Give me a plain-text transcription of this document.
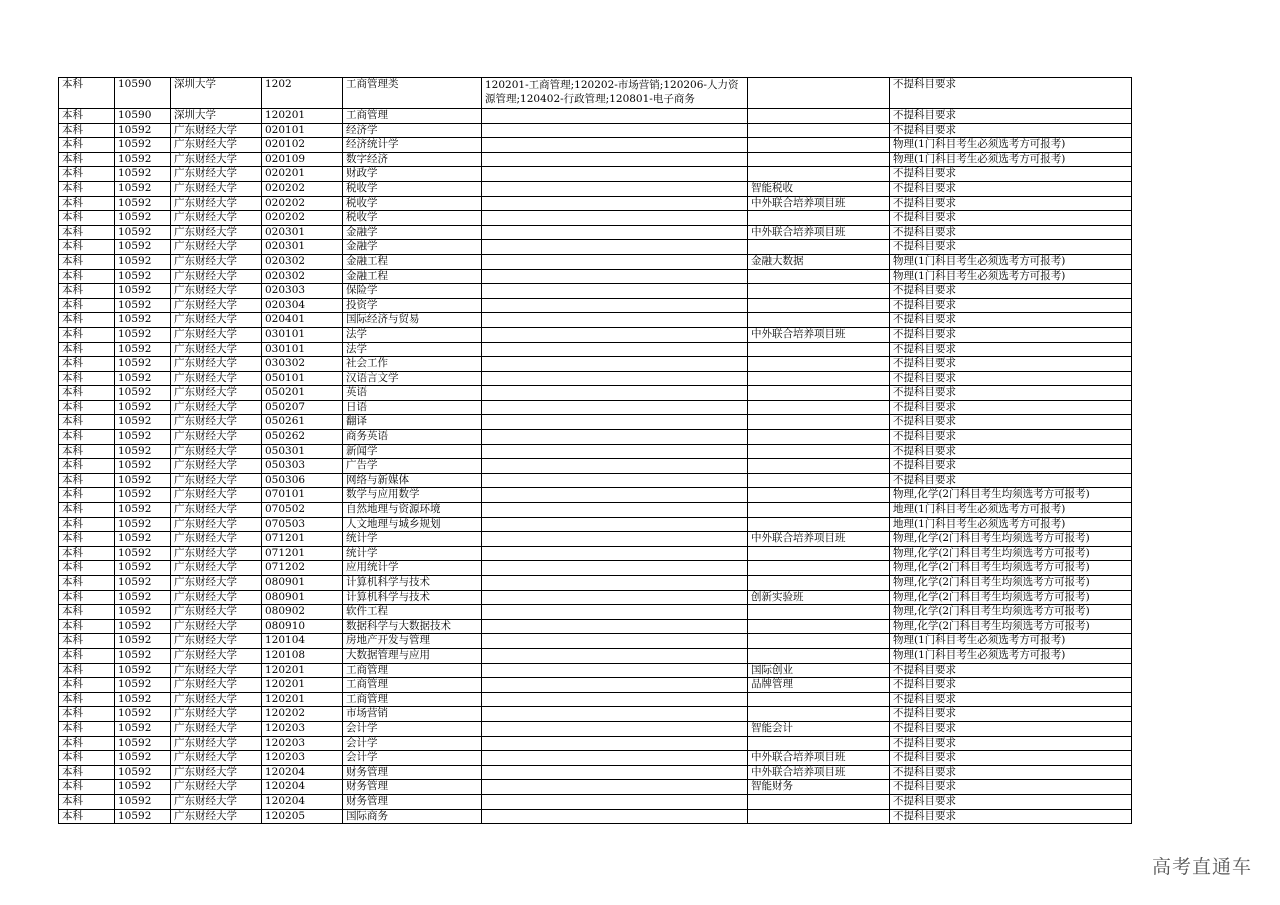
本科	10590	深圳大学	1202	工商管理类	120201-工商管理;120202-市场营销;120206-人力资源管理;120402-行政管理;120801-电子商务		不提科目要求
本科	10590	深圳大学	120201	工商管理			不提科目要求
本科	10592	广东财经大学	020101	经济学			不提科目要求
本科	10592	广东财经大学	020102	经济统计学			物理(1门科目考生必须选考方可报考)
本科	10592	广东财经大学	020109	数字经济			物理(1门科目考生必须选考方可报考)
本科	10592	广东财经大学	020201	财政学			不提科目要求
本科	10592	广东财经大学	020202	税收学		智能税收	不提科目要求
本科	10592	广东财经大学	020202	税收学		中外联合培养项目班	不提科目要求
本科	10592	广东财经大学	020202	税收学			不提科目要求
本科	10592	广东财经大学	020301	金融学		中外联合培养项目班	不提科目要求
本科	10592	广东财经大学	020301	金融学			不提科目要求
本科	10592	广东财经大学	020302	金融工程		金融大数据	物理(1门科目考生必须选考方可报考)
本科	10592	广东财经大学	020302	金融工程			物理(1门科目考生必须选考方可报考)
本科	10592	广东财经大学	020303	保险学			不提科目要求
本科	10592	广东财经大学	020304	投资学			不提科目要求
本科	10592	广东财经大学	020401	国际经济与贸易			不提科目要求
本科	10592	广东财经大学	030101	法学		中外联合培养项目班	不提科目要求
本科	10592	广东财经大学	030101	法学			不提科目要求
本科	10592	广东财经大学	030302	社会工作			不提科目要求
本科	10592	广东财经大学	050101	汉语言文学			不提科目要求
本科	10592	广东财经大学	050201	英语			不提科目要求
本科	10592	广东财经大学	050207	日语			不提科目要求
本科	10592	广东财经大学	050261	翻译			不提科目要求
本科	10592	广东财经大学	050262	商务英语			不提科目要求
本科	10592	广东财经大学	050301	新闻学			不提科目要求
本科	10592	广东财经大学	050303	广告学			不提科目要求
本科	10592	广东财经大学	050306	网络与新媒体			不提科目要求
本科	10592	广东财经大学	070101	数学与应用数学			物理,化学(2门科目考生均须选考方可报考)
本科	10592	广东财经大学	070502	自然地理与资源环境			地理(1门科目考生必须选考方可报考)
本科	10592	广东财经大学	070503	人文地理与城乡规划			地理(1门科目考生必须选考方可报考)
本科	10592	广东财经大学	071201	统计学		中外联合培养项目班	物理,化学(2门科目考生均须选考方可报考)
本科	10592	广东财经大学	071201	统计学			物理,化学(2门科目考生均须选考方可报考)
本科	10592	广东财经大学	071202	应用统计学			物理,化学(2门科目考生均须选考方可报考)
本科	10592	广东财经大学	080901	计算机科学与技术			物理,化学(2门科目考生均须选考方可报考)
本科	10592	广东财经大学	080901	计算机科学与技术		创新实验班	物理,化学(2门科目考生均须选考方可报考)
本科	10592	广东财经大学	080902	软件工程			物理,化学(2门科目考生均须选考方可报考)
本科	10592	广东财经大学	080910	数据科学与大数据技术			物理,化学(2门科目考生均须选考方可报考)
本科	10592	广东财经大学	120104	房地产开发与管理			物理(1门科目考生必须选考方可报考)
本科	10592	广东财经大学	120108	大数据管理与应用			物理(1门科目考生必须选考方可报考)
本科	10592	广东财经大学	120201	工商管理		国际创业	不提科目要求
本科	10592	广东财经大学	120201	工商管理		品牌管理	不提科目要求
本科	10592	广东财经大学	120201	工商管理			不提科目要求
本科	10592	广东财经大学	120202	市场营销			不提科目要求
本科	10592	广东财经大学	120203	会计学		智能会计	不提科目要求
本科	10592	广东财经大学	120203	会计学			不提科目要求
本科	10592	广东财经大学	120203	会计学		中外联合培养项目班	不提科目要求
本科	10592	广东财经大学	120204	财务管理		中外联合培养项目班	不提科目要求
本科	10592	广东财经大学	120204	财务管理		智能财务	不提科目要求
本科	10592	广东财经大学	120204	财务管理			不提科目要求
本科	10592	广东财经大学	120205	国际商务			不提科目要求
高考直通车
